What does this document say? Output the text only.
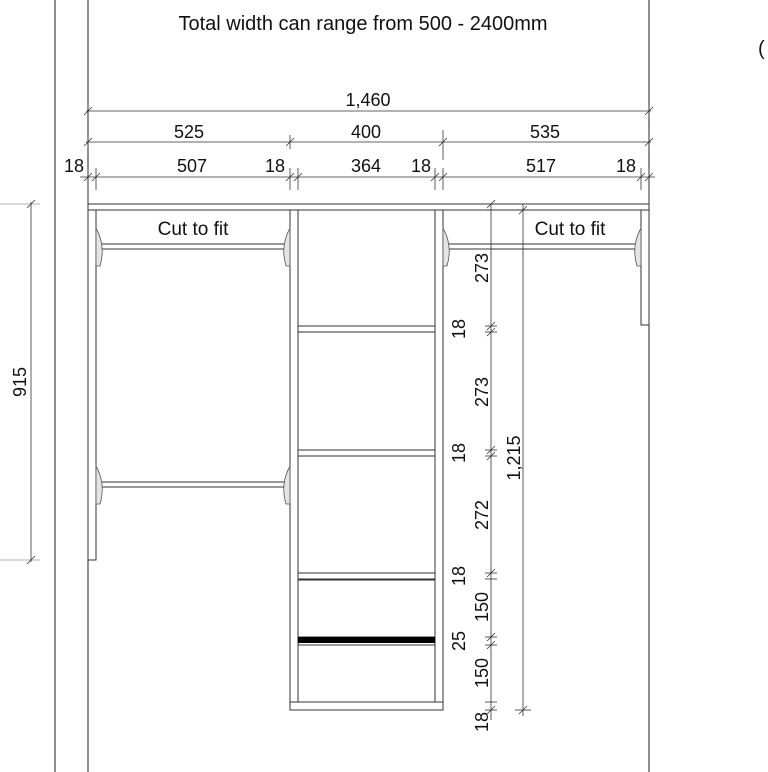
Total width can range from 500 - 2400mm
(
1,460
525	400	535
18	507	18	364 18	517	18
Cut to fit	Cut to fit
915
273
18
273
18
272
18
150
25
150
18
1,215
